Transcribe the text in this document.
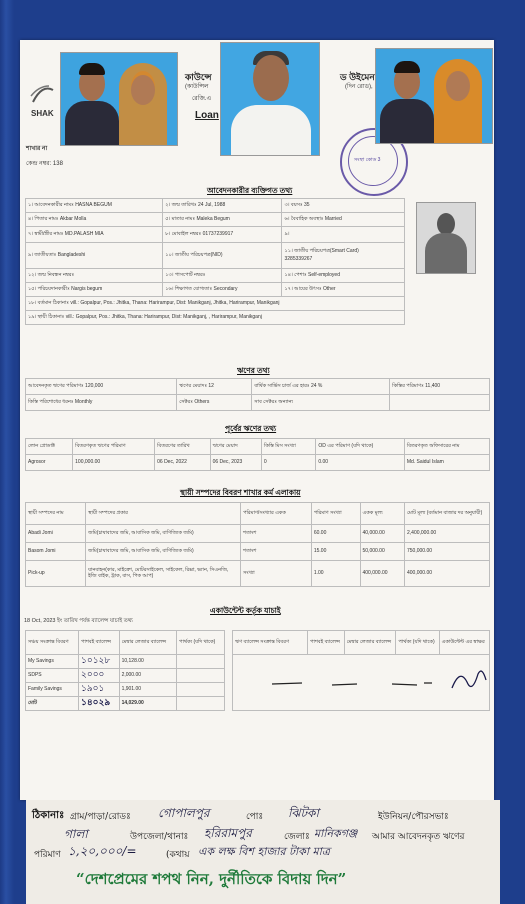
SHAK
কাউন্সে	ড উইমেন
(কাউন্সিল	(দিন রোড),
রেজি.এ
Loan
শাখার না
কেন্দ্র নম্বর: 138
সংস্থা কোড 3
আবেদনকারীর ব্যক্তিগত তথ্য
১। আবেদনকারীর নামঃ HASNA BEGUM	২। জন্ম তারিখঃ 24 Jul, 1988	৩। বয়সঃ 35
৪। পিতার নামঃ Akbar Molla	৫। মাতার নামঃ Maleka Begum	৬। বৈবাহিক অবস্থাঃ Married
৭। স্বামী/স্ত্রীর নামঃ MD.PALASH MIA	৮। মোবাইল নম্বরঃ 01737239917	৯।
৯। জাতীয়তাঃ Bangladeshi	১০। জাতীয় পরিচয়পত্র(NID)	১১। জাতীয় পরিচয়পত্র(Smart Card)
3285339267

১২। জন্ম নিবন্ধন নম্বরঃ	১৩। পাসপোর্ট নম্বরঃ	১৪। পেশাঃ Self-employed
১৫। পরিচয়দানকারীঃ Nargis begum	১৬। শিক্ষাগত যোগ্যতাঃ Secondary	১৭। আয়ের উৎসঃ Other
১৮। বর্তমান ঠিকানাঃ vill.: Gopalpur, Pos.: Jhitka, Thana: Harirampur, Dist: Manikganj, Jhitka, Harirampur, Manikganj		
১৯। স্থায়ী ঠিকানাঃ vill.: Gopalpur, Pos.: Jhitka, Thana: Harirampur, Dist: Manikganj, , Harirampur, Manikganj		
ঋণের তথ্য
আবেদনকৃত ঋণের পরিমাণঃ 120,000	ঋণের মেয়াদঃ 12	বার্ষিক সার্ভিস চার্জ এর হারঃ 24 %	কিস্তির পরিমাণঃ 11,400
কিস্তি পরিশোধের ধরনঃ Monthly	সেক্টরঃ Others	সাব সেক্টরঃ অন্যান্য	
পূর্বের ঋণের তথ্য
লোন প্রোডাক্ট	বিতরণকৃত ঋণের পরিমাণ	বিতরণের তারিখ	ঋণের মেয়াদ	কিস্তি মিস সংখ্যা	OD এর পরিমাণ (যদি থাকে)	বিতরণকৃত অফিসারের নাম
Agrosor	100,000.00	06 Dec, 2022	06 Dec, 2023	0	0.00	Md. Saidul Islam
স্থায়ী সম্পদের বিবরণ শাখার কর্ম এলাকায়
স্থায়ী সম্পদের নাম	স্থায়ী সম্পদের প্রকার	পরিমাণ/সংখ্যার একক	পরিমাণ সংখ্যা	একক মূল্য	মোট মূল্য (বর্তমান বাজার দর অনুযায়ী)
Abadi Jomi	জমি(চাষাবাদের জমি, আবাসিক জমি, বাণিজ্যিক জমি)	শতাংশ	60.00	40,000.00	2,400,000.00
Basom Jomi	জমি(চাষাবাদের জমি, আবাসিক জমি, বাণিজ্যিক জমি)	শতাংশ	15.00	50,000.00	750,000.00
Pick-up	যানবাহন(কার, মাইক্রো, মোটরসাইকেল, সাইকেল, রিক্সা, ভ্যান, সিএনজি, ইজি বাইক, ট্রাক, বাস, পিক আপ)	সংখ্যা	1.00	400,000.00	400,000.00
একাউন্টেন্ট কর্তৃক যাচাই
18 Oct, 2023 ইং তারিখ পর্যন্ত ব্যালেন্স যাচাই তথ্য
সঞ্চয় সংক্রান্ত বিবরণ	পাশবই ব্যালেন্স	মেম্বার লেজার ব্যালেন্স	পার্থক্য (যদি থাকে)
My Savings	১০১২৮	10,128.00	
SDPS	২০০০	2,000.00	
Family Savings	১৯০১	1,901.00	
মোট	১৪০২৯	14,029.00	
ঋণ ব্যালেন্স সংক্রান্ত বিবরণ	পাশবই ব্যালেন্স	মেম্বার লেজার ব্যালেন্স	পার্থক্য (যদি থাকে)	একাউন্টেন্ট এর স্বাক্ষর

ঠিকানাঃ গ্রাম/পাড়া/রোডঃ গোপালপুর	পোঃ ঝিটকা	ইউনিয়ন/পৌরসভাঃ
গালা	উপজেলা/থানাঃ হরিরামপুর	জেলাঃ মানিকগঞ্জ আমার আবেদনকৃত ঋণের
পরিমাণ ১,২০,০০০/=	(কথায় এক লক্ষ বিশ হাজার টাকা মাত্র
“দেশপ্রেমের শপথ নিন, দুর্নীতিকে বিদায় দিন”
